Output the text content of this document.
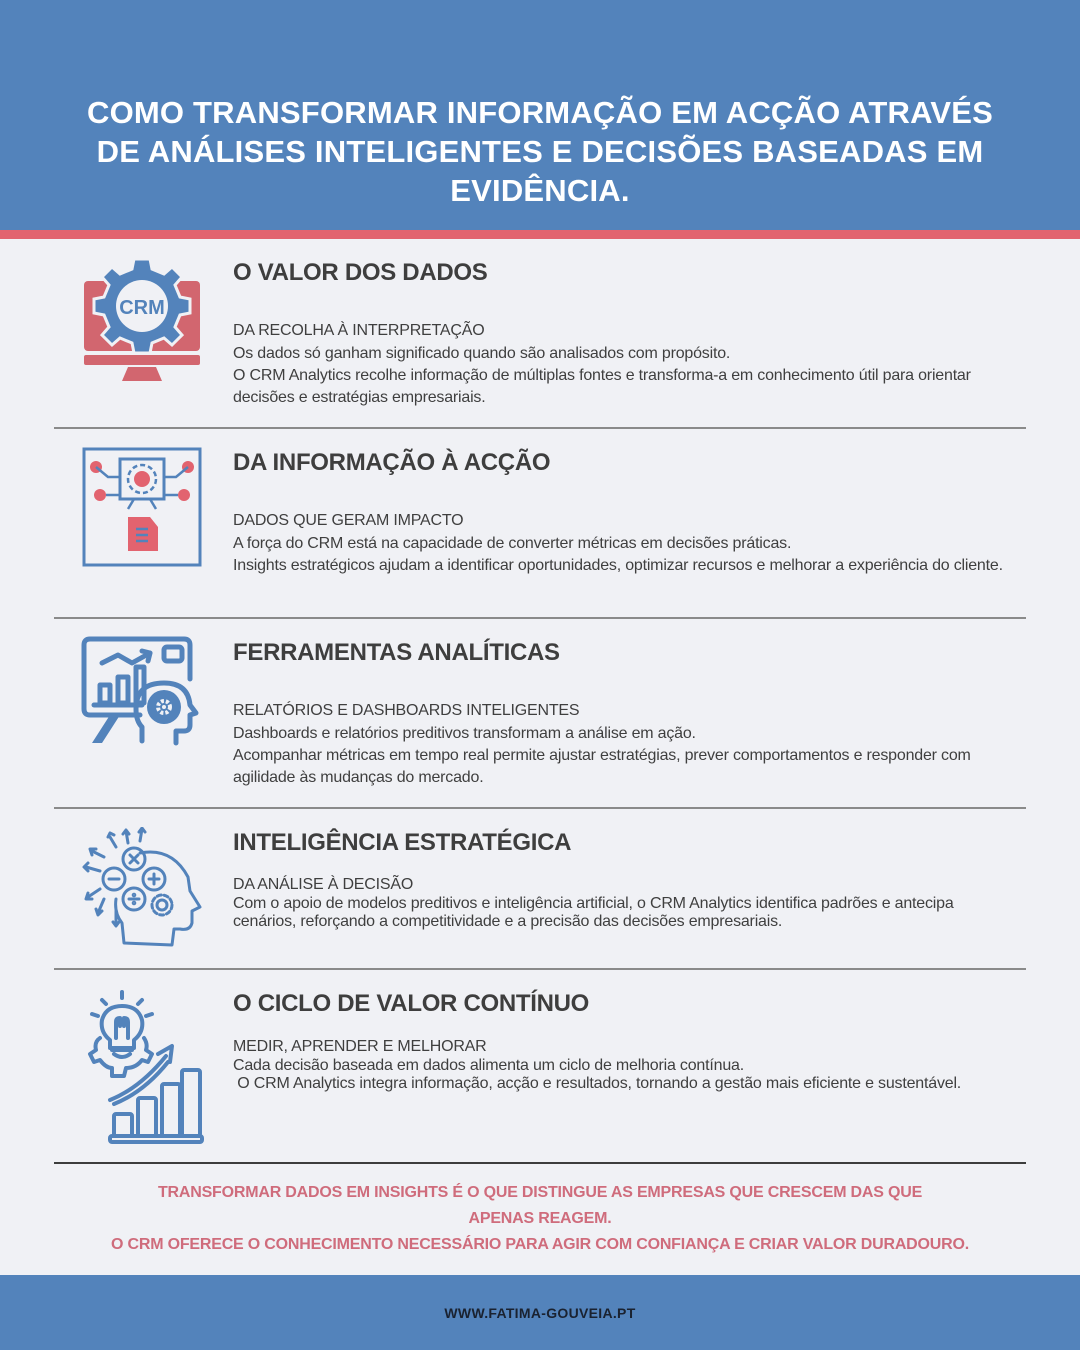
COMO TRANSFORMAR INFORMAÇÃO EM ACÇÃO ATRAVÉS DE ANÁLISES INTELIGENTES E DECISÕES BASEADAS EM EVIDÊNCIA.
CRM
O VALOR DOS DADOS
DA RECOLHA À INTERPRETAÇÃO

Os dados só ganham significado quando são analisados com propósito.

O CRM Analytics recolhe informação de múltiplas fontes e transforma-a em conhecimento útil para orientar decisões e estratégias empresariais.

DA INFORMAÇÃO À ACÇÃO
DADOS QUE GERAM IMPACTO

A força do CRM está na capacidade de converter métricas em decisões práticas.

Insights estratégicos ajudam a identificar oportunidades, optimizar recursos e melhorar a experiência do cliente.

FERRAMENTAS ANALÍTICAS
RELATÓRIOS E DASHBOARDS INTELIGENTES

Dashboards e relatórios preditivos transformam a análise em ação.

Acompanhar métricas em tempo real permite ajustar estratégias, prever comportamentos e responder com agilidade às mudanças do mercado.

INTELIGÊNCIA ESTRATÉGICA
DA ANÁLISE À DECISÃO

Com o apoio de modelos preditivos e inteligência artificial, o CRM Analytics identifica padrões e antecipa cenários, reforçando a competitividade e a precisão das decisões empresariais.

O CICLO DE VALOR CONTÍNUO
MEDIR, APRENDER E MELHORAR

Cada decisão baseada em dados alimenta um ciclo de melhoria contínua.

O CRM Analytics integra informação, acção e resultados, tornando a gestão mais eficiente e sustentável.

TRANSFORMAR DADOS EM INSIGHTS É O QUE DISTINGUE AS EMPRESAS QUE CRESCEM DAS QUE
APENAS REAGEM.
O CRM OFERECE O CONHECIMENTO NECESSÁRIO PARA AGIR COM CONFIANÇA E CRIAR VALOR DURADOURO.
WWW.FATIMA-GOUVEIA.PT
